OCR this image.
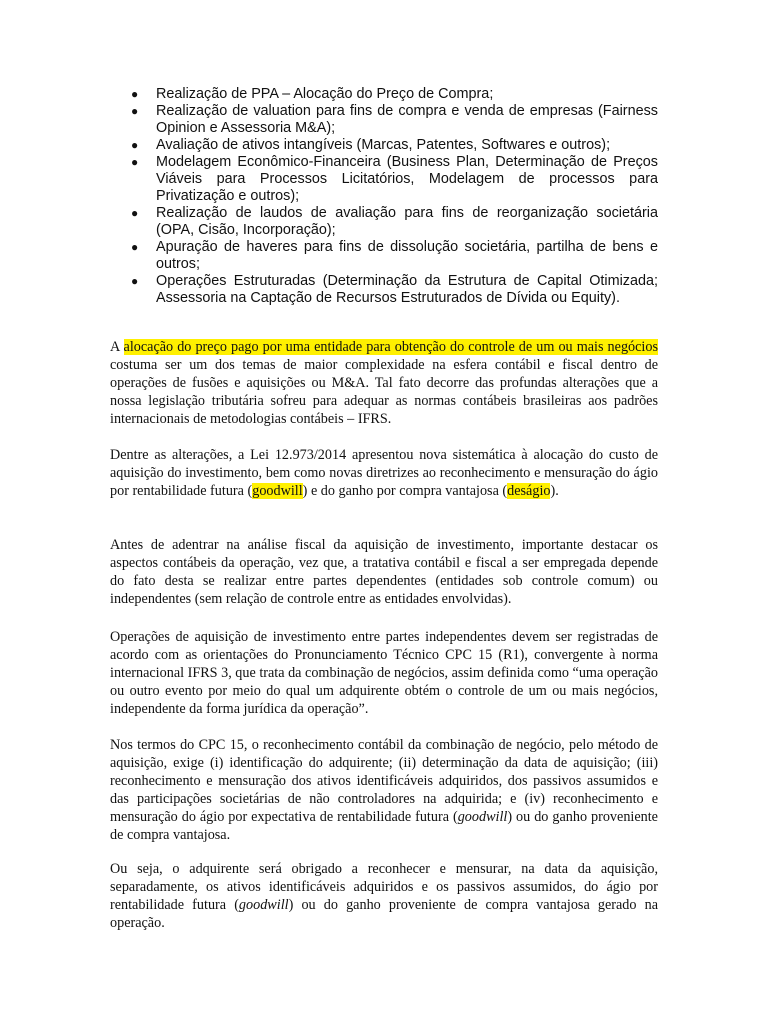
● Realização de PPA – Alocação do Preço de Compra;
● Realização de valuation para fins de compra e venda de empresas (Fairness Opinion e Assessoria M&A);
● Avaliação de ativos intangíveis (Marcas, Patentes, Softwares e outros);
● Modelagem Econômico-Financeira (Business Plan, Determinação de Preços Viáveis para Processos Licitatórios, Modelagem de processos para Privatização e outros);
● Realização de laudos de avaliação para fins de reorganização societária (OPA, Cisão, Incorporação);
● Apuração de haveres para fins de dissolução societária, partilha de bens e outros;
● Operações Estruturadas (Determinação da Estrutura de Capital Otimizada; Assessoria na Captação de Recursos Estruturados de Dívida ou Equity).

A alocação do preço pago por uma entidade para obtenção do controle de um ou mais negócios costuma ser um dos temas de maior complexidade na esfera contábil e fiscal dentro de operações de fusões e aquisições ou M&A. Tal fato decorre das profundas alterações que a nossa legislação tributária sofreu para adequar as normas contábeis brasileiras aos padrões internacionais de metodologias contábeis – IFRS.

Dentre as alterações, a Lei 12.973/2014 apresentou nova sistemática à alocação do custo de aquisição do investimento, bem como novas diretrizes ao reconhecimento e mensuração do ágio por rentabilidade futura (goodwill) e do ganho por compra vantajosa (deságio).

Antes de adentrar na análise fiscal da aquisição de investimento, importante destacar os aspectos contábeis da operação, vez que, a tratativa contábil e fiscal a ser empregada depende do fato desta se realizar entre partes dependentes (entidades sob controle comum) ou independentes (sem relação de controle entre as entidades envolvidas).

Operações de aquisição de investimento entre partes independentes devem ser registradas de acordo com as orientações do Pronunciamento Técnico CPC 15 (R1), convergente à norma internacional IFRS 3, que trata da combinação de negócios, assim definida como “uma operação ou outro evento por meio do qual um adquirente obtém o controle de um ou mais negócios, independente da forma jurídica da operação”.

Nos termos do CPC 15, o reconhecimento contábil da combinação de negócio, pelo método de aquisição, exige (i) identificação do adquirente; (ii) determinação da data de aquisição; (iii) reconhecimento e mensuração dos ativos identificáveis adquiridos, dos passivos assumidos e das participações societárias de não controladores na adquirida; e (iv) reconhecimento e mensuração do ágio por expectativa de rentabilidade futura (goodwill) ou do ganho proveniente de compra vantajosa.

Ou seja, o adquirente será obrigado a reconhecer e mensurar, na data da aquisição, separadamente, os ativos identificáveis adquiridos e os passivos assumidos, do ágio por rentabilidade futura (goodwill) ou do ganho proveniente de compra vantajosa gerado na operação.
